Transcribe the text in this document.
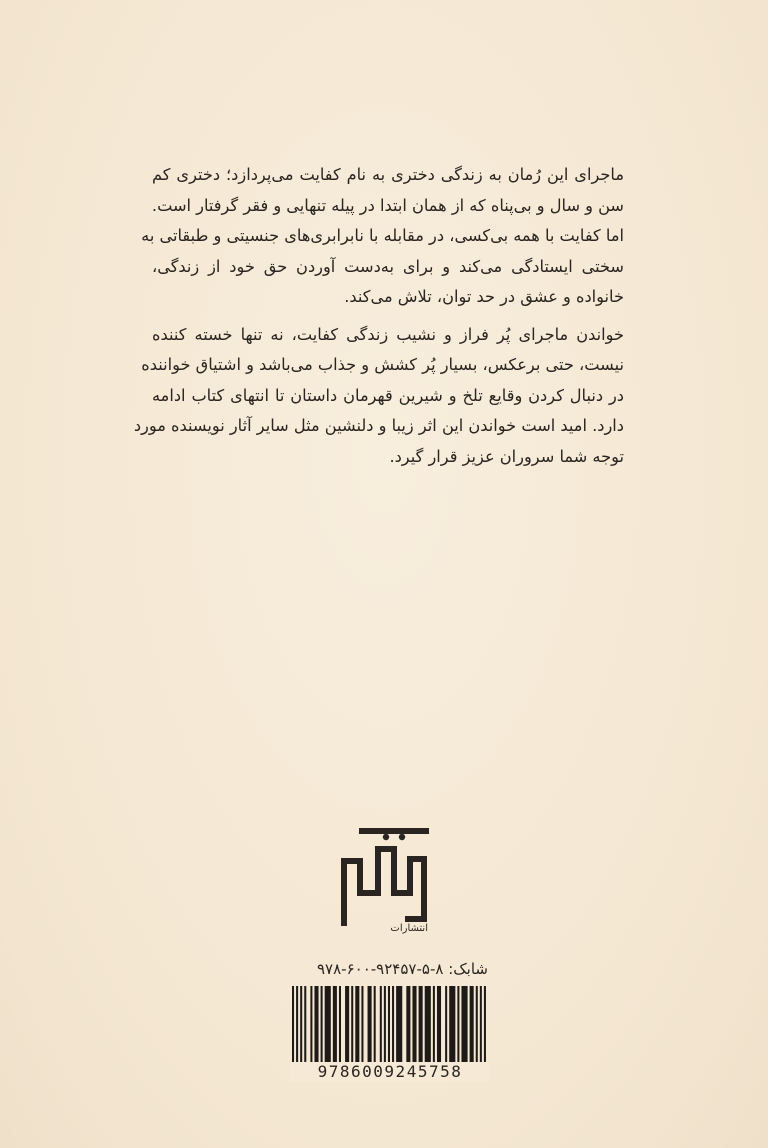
ماجرای این رُمان به زندگی دختری به نام کفایت می‌پردازد؛ دختری کم
سن و سال و بی‌پناه که از همان ابتدا در پیله تنهایی و فقر گرفتار است.
اما کفایت با همه بی‌کسی، در مقابله با نابرابری‌های جنسیتی و طبقاتی به
سختی ایستادگی می‌کند و برای به‌دست آوردن حق خود از زندگی،
خانواده و عشق در حد توان، تلاش می‌کند.

خواندن ماجرای پُر فراز و نشیب زندگی کفایت، نه تنها خسته کننده
نیست، حتی برعکس، بسیار پُر کشش و جذاب می‌باشد و اشتیاق خواننده
در دنبال کردن وقایع تلخ و شیرین قهرمان داستان تا انتهای کتاب ادامه
دارد. امید است خواندن این اثر زیبا و دلنشین مثل سایر آثار نویسنده مورد
توجه شما سروران عزیز قرار گیرد.

انتشارات
شابک: ۸-۵-۹۲۴۵۷-۶۰۰-۹۷۸
9786009245758
